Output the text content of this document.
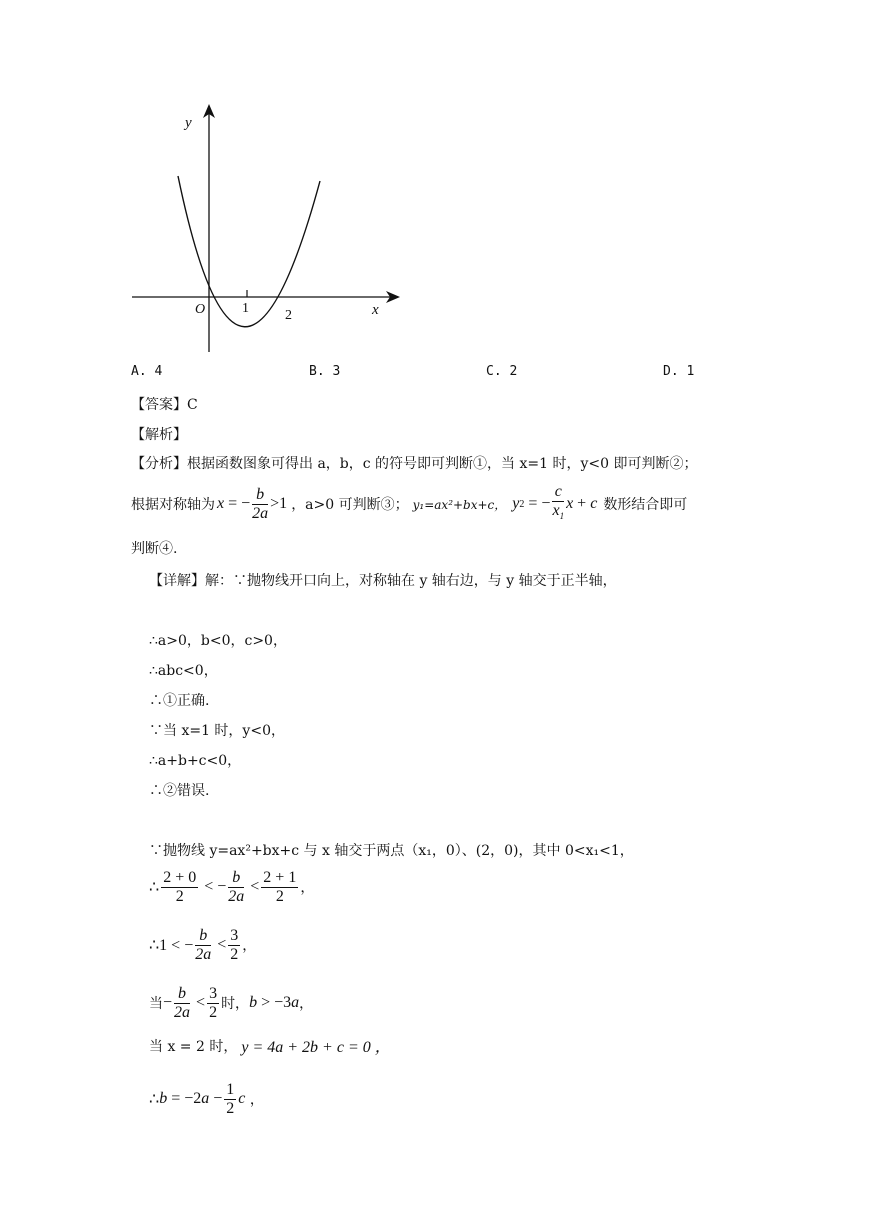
y
x
O	1	2
A. 4	B. 3	C. 2	D. 1
【答案】C
【解析】
【分析】根据函数图象可得出 a，b，c 的符号即可判断①，当 x=1 时，y<0 即可判断②；
根据对称轴为 x = − $\frac{b}{2a} >1$ ，a>0 可判断③； y₁=ax²+bx+c， y 2 = − $\frac{c}{x_1}$ x + c 数形结合即可
判断④.
【详解】解：∵抛物线开口向上，对称轴在 y 轴右边，与 y 轴交于正半轴，
∴a>0，b<0，c>0，
∴abc<0，
∴①正确.
∵当 x=1 时，y<0，
∴a+b+c<0，
∴②错误.
∵抛物线 y=ax²+bx+c 与 x 轴交于两点（x₁，0）、(2，0)，其中 0<x₁<1，
∴ $\frac{2 + 0}{2}$ < − $\frac{b}{2a} < \frac{2 + 1}{2}$ ，
∴1 < − $\frac{b}{2a} < \frac{3}{2}$ ，
当 − $\frac{b}{2a} < \frac{3}{2}$ 时， b > −3 a ，
当 x = 2 时， y = 4a + 2b + c = 0 ，
∴ b = −2 $a - \frac{1}{2}$ c ，
